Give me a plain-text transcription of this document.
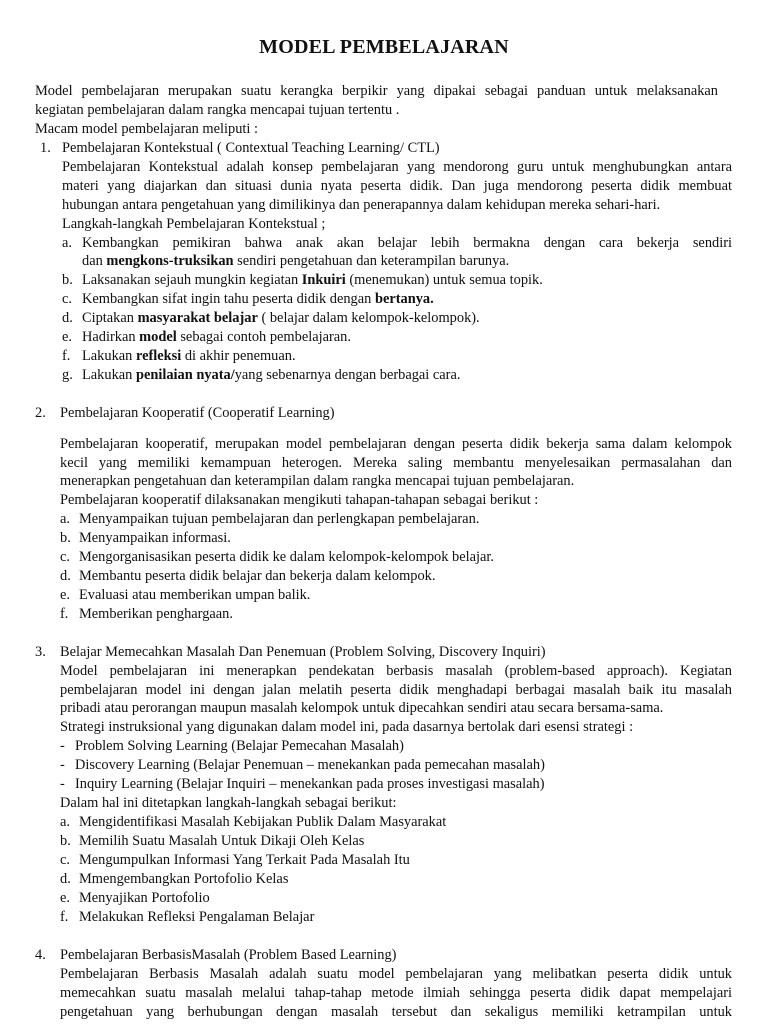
MODEL PEMBELAJARAN
Model pembelajaran merupakan suatu kerangka berpikir yang dipakai sebagai panduan untuk melaksanakan
kegiatan pembelajaran dalam rangka mencapai tujuan tertentu .
Macam model pembelajaran meliputi :
1. Pembelajaran Kontekstual ( Contextual Teaching Learning/ CTL)
Pembelajaran Kontekstual adalah konsep pembelajaran yang mendorong guru untuk menghubungkan antara
materi yang diajarkan dan situasi dunia nyata peserta didik. Dan juga mendorong peserta didik membuat
hubungan antara pengetahuan yang dimilikinya dan penerapannya dalam kehidupan mereka sehari-hari.
Langkah-langkah Pembelajaran Kontekstual ;
a. Kembangkan pemikiran bahwa anak akan belajar lebih bermakna dengan cara bekerja sendiri
dan mengkons-truksikan sendiri pengetahuan dan keterampilan barunya.
b. Laksanakan sejauh mungkin kegiatan Inkuiri (menemukan) untuk semua topik.
c. Kembangkan sifat ingin tahu peserta didik dengan bertanya.
d. Ciptakan masyarakat belajar ( belajar dalam kelompok-kelompok).
e. Hadirkan model sebagai contoh pembelajaran.
f. Lakukan refleksi di akhir penemuan.
g. Lakukan penilaian nyata/yang sebenarnya dengan berbagai cara.
2. Pembelajaran Kooperatif (Cooperatif Learning)
Pembelajaran kooperatif, merupakan model pembelajaran dengan peserta didik bekerja sama dalam kelompok
kecil yang memiliki kemampuan heterogen. Mereka saling membantu menyelesaikan permasalahan dan
menerapkan pengetahuan dan keterampilan dalam rangka mencapai tujuan pembelajaran.
Pembelajaran kooperatif dilaksanakan mengikuti tahapan-tahapan sebagai berikut :
a. Menyampaikan tujuan pembelajaran dan perlengkapan pembelajaran.
b. Menyampaikan informasi.
c. Mengorganisasikan peserta didik ke dalam kelompok-kelompok belajar.
d. Membantu peserta didik belajar dan bekerja dalam kelompok.
e. Evaluasi atau memberikan umpan balik.
f. Memberikan penghargaan.
3. Belajar Memecahkan Masalah Dan Penemuan (Problem Solving, Discovery Inquiri)
Model pembelajaran ini menerapkan pendekatan berbasis masalah (problem-based approach). Kegiatan
pembelajaran model ini dengan jalan melatih peserta didik menghadapi berbagai masalah baik itu masalah
pribadi atau perorangan maupun masalah kelompok untuk dipecahkan sendiri atau secara bersama-sama.
Strategi instruksional yang digunakan dalam model ini, pada dasarnya bertolak dari esensi strategi :
- Problem Solving Learning (Belajar Pemecahan Masalah)
- Discovery Learning (Belajar Penemuan – menekankan pada pemecahan masalah)
- Inquiry Learning (Belajar Inquiri – menekankan pada proses investigasi masalah)
Dalam hal ini ditetapkan langkah-langkah sebagai berikut:
a. Mengidentifikasi Masalah Kebijakan Publik Dalam Masyarakat
b. Memilih Suatu Masalah Untuk Dikaji Oleh Kelas
c. Mengumpulkan Informasi Yang Terkait Pada Masalah Itu
d. Mmengembangkan Portofolio Kelas
e. Menyajikan Portofolio
f. Melakukan Refleksi Pengalaman Belajar
4. Pembelajaran BerbasisMasalah (Problem Based Learning)
Pembelajaran Berbasis Masalah adalah suatu model pembelajaran yang melibatkan peserta didik untuk
memecahkan suatu masalah melalui tahap-tahap metode ilmiah sehingga peserta didik dapat mempelajari
pengetahuan yang berhubungan dengan masalah tersebut dan sekaligus memiliki ketrampilan untuk
